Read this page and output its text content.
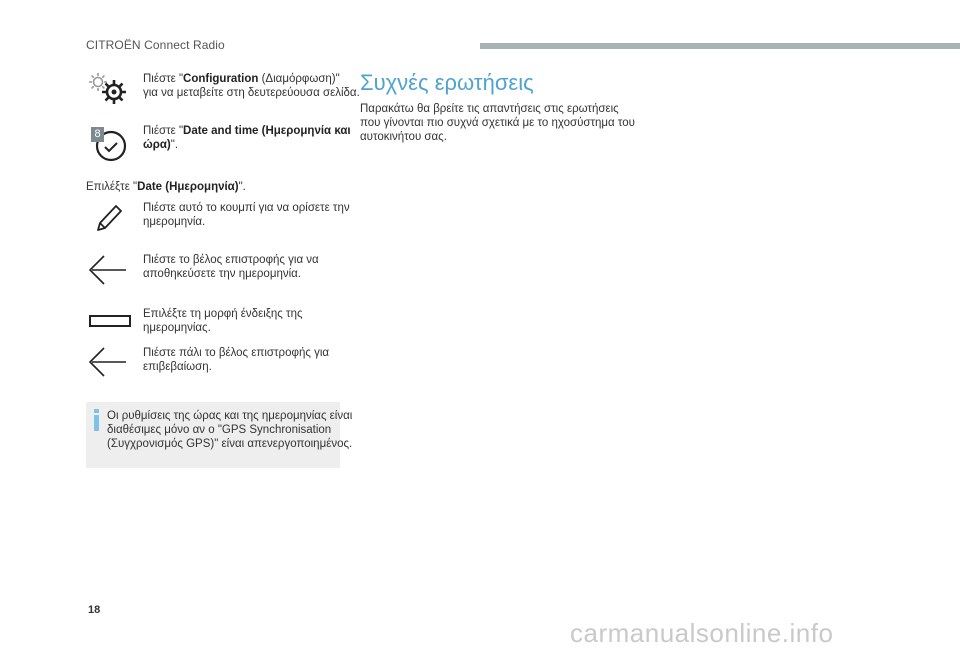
CITROËN Connect Radio
Πιέστε "Configuration (Διαμόρφωση)"
για να μεταβείτε στη δευτερεύουσα σελίδα.
8	Πιέστε "Date and time (Ημερομηνία και
ώρα)".
Επιλέξτε "Date (Ημερομηνία)".
Πιέστε αυτό το κουμπί για να ορίσετε την
ημερομηνία.
Πιέστε το βέλος επιστροφής για να
αποθηκεύσετε την ημερομηνία.
Επιλέξτε τη μορφή ένδειξης της
ημερομηνίας.
Πιέστε πάλι το βέλος επιστροφής για
επιβεβαίωση.
Οι ρυθμίσεις της ώρας και της ημερομηνίας είναι
διαθέσιμες μόνο αν ο "GPS Synchronisation
(Συγχρονισμός GPS)" είναι απενεργοποιημένος.
Συχνές ερωτήσεις
Παρακάτω θα βρείτε τις απαντήσεις στις ερωτήσεις
που γίνονται πιο συχνά σχετικά με το ηχοσύστημα του
αυτοκινήτου σας.
18
carmanualsonline.info
